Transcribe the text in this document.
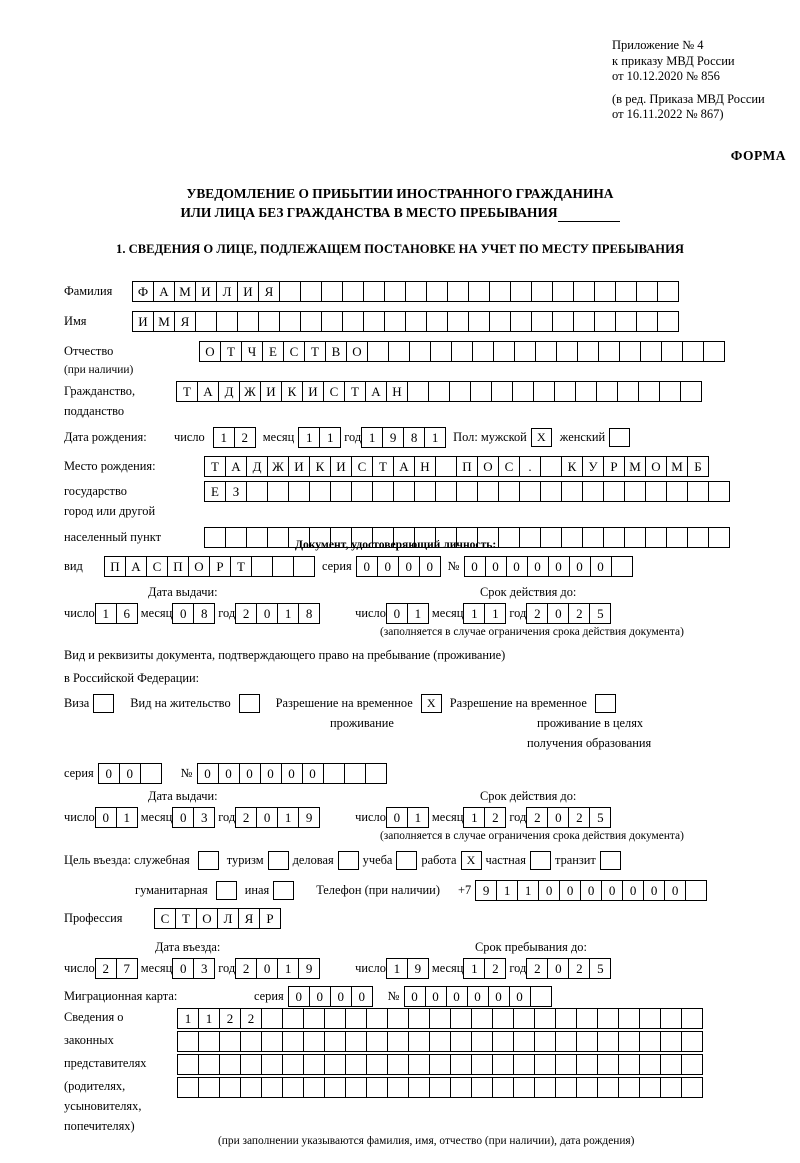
Приложение № 4
к приказу МВД России
от 10.12.2020 № 856
(в ред. Приказа МВД России
от 16.11.2022 № 867)
ФОРМА
УВЕДОМЛЕНИЕ О ПРИБЫТИИ ИНОСТРАННОГО ГРАЖДАНИНА
ИЛИ ЛИЦА БЕЗ ГРАЖДАНСТВА В МЕСТО ПРЕБЫВАНИЯ
1. СВЕДЕНИЯ О ЛИЦЕ, ПОДЛЕЖАЩЕМ ПОСТАНОВКЕ НА УЧЕТ ПО МЕСТУ ПРЕБЫВАНИЯ
Фамилия	Ф А М И Л И Я
Имя	И М Я
Отчество	О Т Ч Е С Т В О
(при наличии)
Гражданство,	Т А Д Ж И К И С Т А Н
подданство
Дата рождения:	число	1	2	месяц 1	1 год 1	9	8	1	Пол: мужской X	женский
Место рождения:	Т А Д Ж И К И С Т А Н	П О С	.	К У Р М О М Б
государство	Е	З
город или другой
населенный пункт
Документ, удостоверяющий личность:
вид	П А С П О Р	Т	серия 0	0	0	0	№ 0	0	0	0	0	0	0
Дата выдачи:	Срок действия до:
число 1	6 месяц 0	8 год 2	0	1	8	число 0	1 месяц 1	1 год 2	0	2	5
(заполняется в случае ограничения срока действия документа)
Вид и реквизиты документа, подтверждающего право на пребывание (проживание)
в Российской Федерации:
Виза	Вид на жительство	Разрешение на временное	X	Разрешение на временное
проживание	проживание в целях
получения образования
серия 0	0	№ 0	0	0	0	0	0
Дата выдачи:	Срок действия до:
число 0	1 месяц 0	3 год 2	0	1	9	число 0	1 месяц 1	2 год 2	0	2	5
(заполняется в случае ограничения срока действия документа)
Цель въезда: служебная	туризм деловая учеба работа X частная транзит
гуманитарная	иная	Телефон (при наличии) +7 9	1	1	0	0	0	0	0	0	0
Профессия	С Т О Л Я	Р
Дата въезда:	Срок пребывания до:
число 2	7 месяц 0	3 год 2	0	1	9	число 1	9 месяц 1	2 год 2	0	2	5
Миграционная карта:	серия 0	0	0	0	№ 0	0	0	0	0	0
Сведения о
законных
представителях
(родителях,
усыновителях,
попечителях)
1	1	2	2
(при заполнении указываются фамилия, имя, отчество (при наличии), дата рождения)
